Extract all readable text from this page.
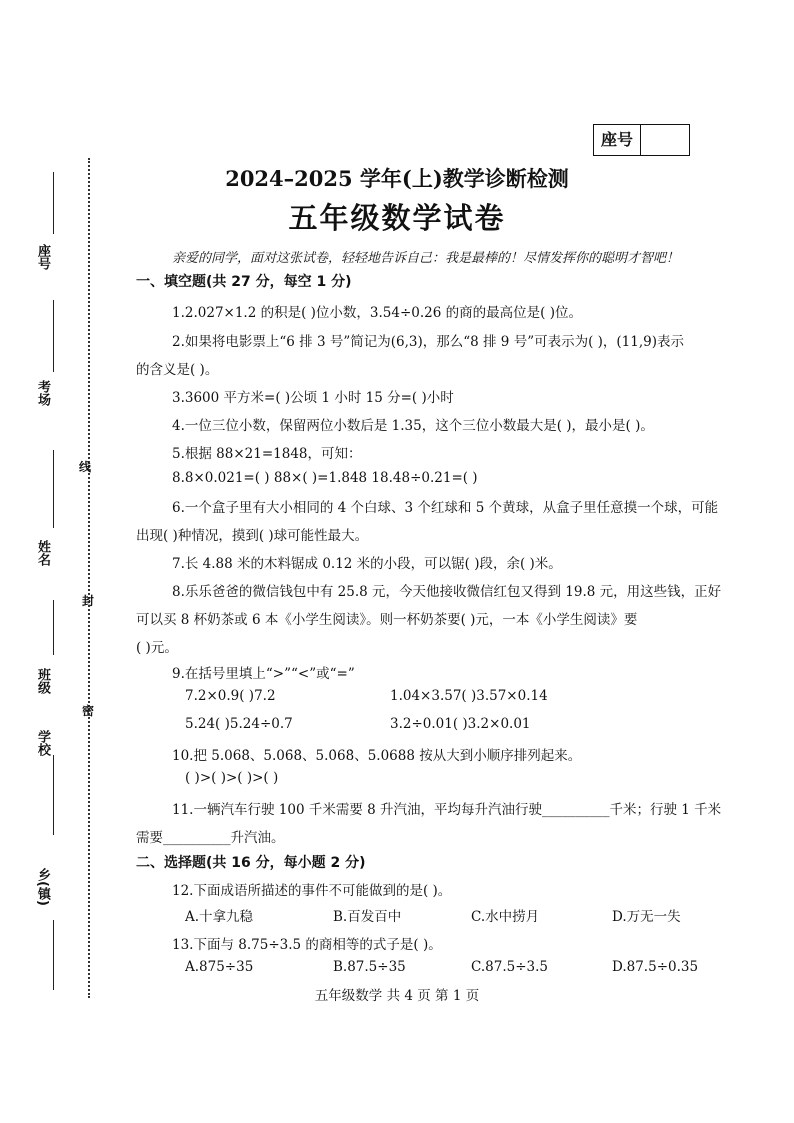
座号
座号
考场
姓名
班级
学校
乡(镇)
线
封
密
2024–2025 学年(上)教学诊断检测
五年级数学试卷
亲爱的同学，面对这张试卷，轻轻地告诉自己：我是最棒的！尽情发挥你的聪明才智吧！
一、填空题(共 27 分，每空 1 分)
1.2.027×1.2 的积是( )位小数，3.54÷0.26 的商的最高位是( )位。
2.如果将电影票上“6 排 3 号”简记为(6,3)，那么“8 排 9 号”可表示为( )，(11,9)表示
的含义是( )。
3.3600 平方米=( )公顷 1 小时 15 分=( )小时
4.一位三位小数，保留两位小数后是 1.35，这个三位小数最大是( )，最小是( )。
5.根据 88×21=1848，可知：
8.8×0.021=( ) 88×( )=1.848 18.48÷0.21=( )
6.一个盒子里有大小相同的 4 个白球、3 个红球和 5 个黄球，从盒子里任意摸一个球，可能
出现( )种情况，摸到( )球可能性最大。
7.长 4.88 米的木料锯成 0.12 米的小段，可以锯( )段，余( )米。
8.乐乐爸爸的微信钱包中有 25.8 元，今天他接收微信红包又得到 19.8 元，用这些钱，正好
可以买 8 杯奶茶或 6 本《小学生阅读》。则一杯奶茶要( )元，一本《小学生阅读》要
( )元。
9.在括号里填上“>”“<”或“=”
7.2×0.9( )7.2	1.04×3.57( )3.57×0.14
5.24( )5.24÷0.7	3.2÷0.01( )3.2×0.01
10.把 5.068̇、5.06̇8̇、5.0̇68̇、5.0688 按从大到小顺序排列起来。
( )>( )>( )>( )
11.一辆汽车行驶 100 千米需要 8 升汽油，平均每升汽油行驶__________千米；行驶 1 千米
需要__________升汽油。
二、选择题(共 16 分，每小题 2 分)
12.下面成语所描述的事件不可能做到的是( )。
A.十拿九稳	B.百发百中	C.水中捞月	D.万无一失
13.下面与 8.75÷3.5 的商相等的式子是( )。
A.875÷35	B.87.5÷35	C.87.5÷3.5	D.87.5÷0.35
五年级数学 共 4 页 第 1 页
